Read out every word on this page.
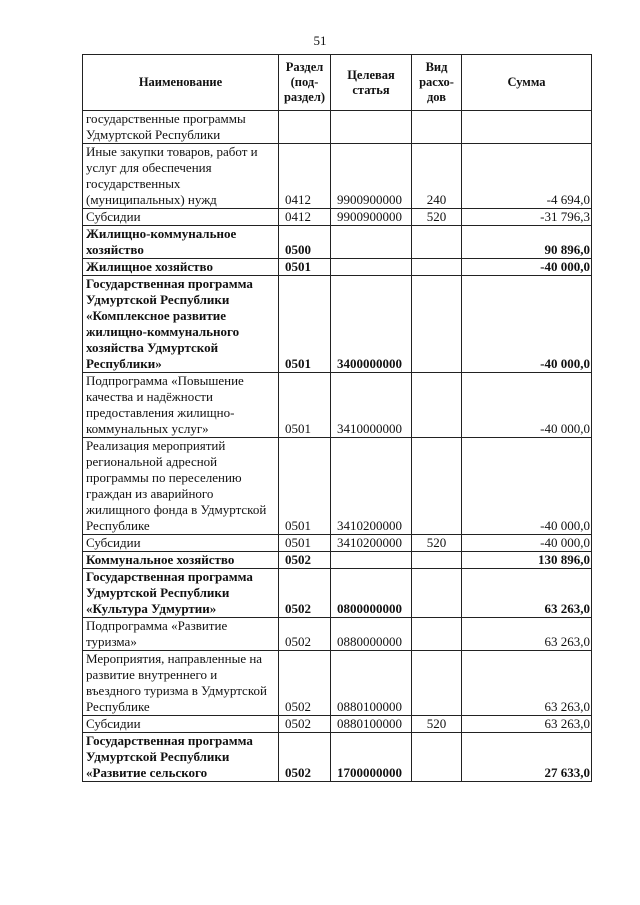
51
Наименование	Раздел (под-раздел)	Целевая статья	Вид расхо-дов	Сумма
государственные программы Удмуртской Республики				
Иные закупки товаров, работ и услуг для обеспечения государственных (муниципальных) нужд	0412	9900900000	240	-4 694,0
Субсидии	0412	9900900000	520	-31 796,3
Жилищно-коммунальное хозяйство	0500			90 896,0
Жилищное хозяйство	0501			-40 000,0
Государственная программа Удмуртской Республики «Комплексное развитие жилищно-коммунального хозяйства Удмуртской Республики»	0501	3400000000		-40 000,0
Подпрограмма «Повышение качества и надёжности предоставления жилищно-коммунальных услуг»	0501	3410000000		-40 000,0
Реализация мероприятий региональной адресной программы по переселению граждан из аварийного жилищного фонда в Удмуртской Республике	0501	3410200000		-40 000,0
Субсидии	0501	3410200000	520	-40 000,0
Коммунальное хозяйство	0502			130 896,0
Государственная программа Удмуртской Республики «Культура Удмуртии»	0502	0800000000		63 263,0
Подпрограмма «Развитие туризма»	0502	0880000000		63 263,0
Мероприятия, направленные на развитие внутреннего и въездного туризма в Удмуртской Республике	0502	0880100000		63 263,0
Субсидии	0502	0880100000	520	63 263,0
Государственная программа Удмуртской Республики «Развитие сельского	0502	1700000000		27 633,0
